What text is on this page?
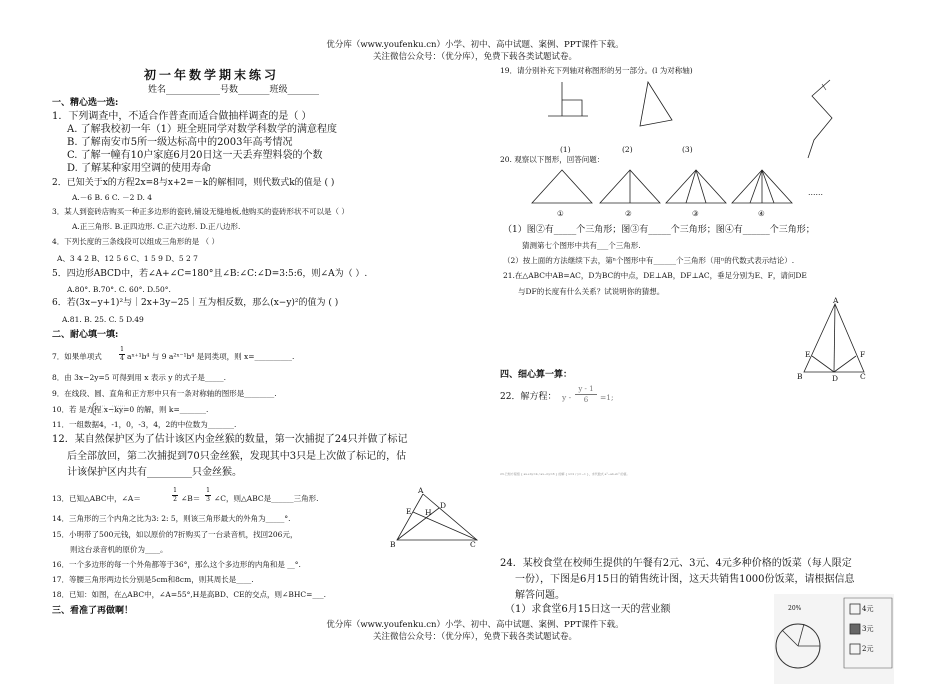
优分库（www.youfenku.cn）小学、初中、高中试题、案例、PPT课件下载。
关注微信公众号：（优分库），免费下载各类试题试卷。
初一年数学期末练习
姓名____________号数_______班级_______
一、精心选一选:
1．下列调查中，不适合作普查而适合做抽样调查的是（ ）
A. 了解我校初一年（1）班全班同学对数学科数学的满意程度
B. 了解南安市5所一级达标高中的2003年高考情况
C. 了解一幢有10户家庭6月20日这一天丢弃塑料袋的个数
D. 了解某种家用空调的使用寿命
2．已知关于x的方程2x=8与x+2=－k的解相同，则代数式k的值是 ( )
A.－6 B. 6 C. －2 D. 4
3．某人到瓷砖店购买一种正多边形的瓷砖,铺设无缝地板,他购买的瓷砖形状不可以是（ ）
A.正三角形. B.正四边形. C.正六边形. D.正八边形.
4．下列长度的三条线段可以组成三角形的是 （ ）
A、3 4 2 B、12 5 6 C、1 5 9 D、5 2 7
5．四边形ABCD中，若∠A+∠C=180°且∠B:∠C:∠D=3:5:6，则∠A为（ ）.
A.80°. B.70°. C. 60°. D.50°.
6．若(3x−y+1)²与｜2x+3y−25｜互为相反数，那么(x−y)²的值为 ( )
A.81. B. 25. C. 5 D.49
二、耐心填一填:
7．如果单项式	$\frac{1}{4}$ aˣ⁺¹b⁴ 与 9 a²ˣ⁻¹b⁴ 是同类项，则 x=__________.
8．由 3x−2y=5 可得到用 x 表示 y 的式子是_____.
9．在线段、圆、直角和正方形中只有一条对称轴的图形是________.
10．若 是方程 x−ky=0 的解，则 k=_______.
11．一组数据4，-1，0，-3，4，2的中位数为_______.
12．某自然保护区为了估计该区内金丝猴的数量，第一次捕捉了24只并做了标记
后全部放回，第二次捕捉到70只金丝猴，发现其中3只是上次做了标记的，估
计该保护区内共有_________只金丝猴。
13．已知△ABC中，∠A＝	$\frac{1}{2}$ ∠B＝ $\frac{1}{3}$ ∠C，则△ABC是______三角形.
14．三角形的三个内角之比为3: 2: 5，则该三角形最大的外角为_____°.
15．小明带了500元钱，如以原价的7折购买了一台录音机，找回206元，
则这台录音机的原价为____。
16．一个多边形的每一个外角都等于36°，那么这个多边形的内角和是 __°.
17．等腰三角形两边长分别是5cm和8cm，则其周长是____.
18．已知：如图，在△ABC中，∠A=55°,H是高BD、CE的交点，则∠BHC=___.
三、看准了再做啊！
A
E H
D
B	C
19．请分别补充下列轴对称图形的另一部分。(l 为对称轴)
(1)	(2)	(3)
20. 观察以下图形，回答问题：
……
①	②	③	④
（1）图②有_____个三角形；图③有_____个三角形；图④有______个三角形；
猜测第七个图形中共有___个三角形.
（2）按上面的方法继续下去，第ⁿ个图形中有______个三角形（用ⁿ的代数式表示结论）.
21.在△ABC中AB=AC，D为BC的中点，DE⊥AB，DF⊥AC，垂足分别为E、F，请问DE
与DF的长度有什么关系？试说明你的猜想。
A
E	F
B	D	C
四、细心算一算：
22．解方程： $y - \frac{y - 1}{6} =1$;
23.已知方程组 { ax+by=4 / ax−by=8 } 的解 { x=2 / y=−1 }，求代数式 a²−ab+b² 的值。
24．某校食堂在校师生提供的午餐有2元、3元、4元多种价格的饭菜（每人限定
一份），下图是6月15日的销售统计图，这天共销售1000份饭菜，请根据信息
解答问题。
（1）求食堂6月15日这一天的营业额	20%	4元
3元
2元
优分库（www.youfenku.cn）小学、初中、高中试题、案例、PPT课件下载。
关注微信公众号：（优分库），免费下载各类试题试卷。
